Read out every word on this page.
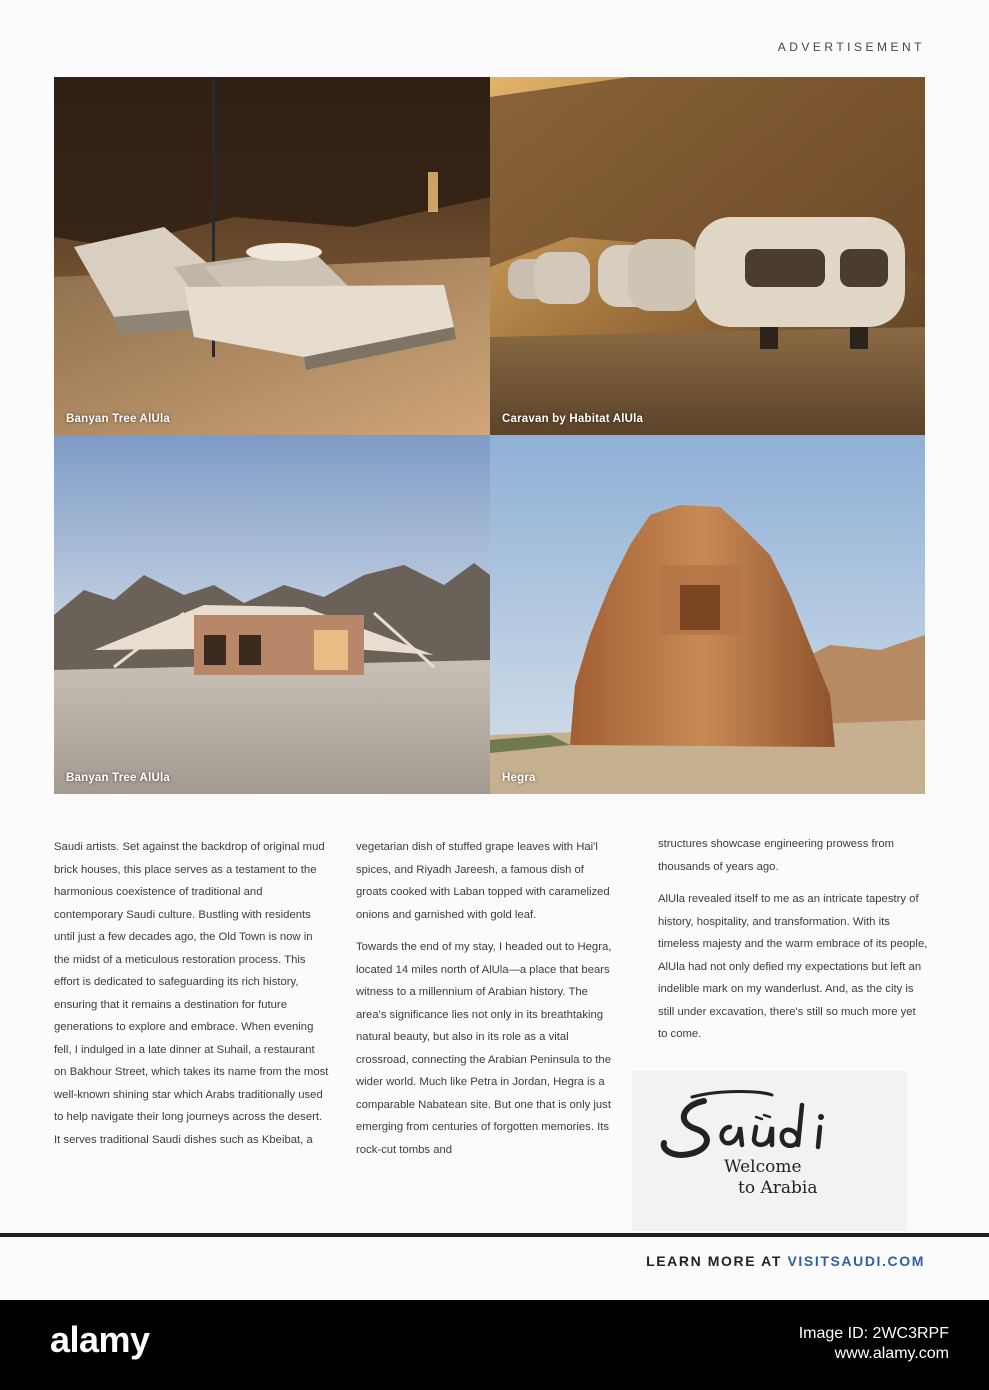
ADVERTISEMENT
Banyan Tree AlUla	Caravan by Habitat AlUla
Banyan Tree AlUla	Hegra

Saudi artists. Set against the backdrop of original mud brick houses, this place serves as a testament to the harmonious coexistence of traditional and contemporary Saudi culture. Bustling with residents until just a few decades ago, the Old Town is now in the midst of a meticulous restoration process. This effort is dedicated to safeguarding its rich history, ensuring that it remains a destination for future generations to explore and embrace. When evening fell, I indulged in a late dinner at Suhail, a restaurant on Bakhour Street, which takes its name from the most well-known shining star which Arabs traditionally used to help navigate their long journeys across the desert. It serves traditional Saudi dishes such as Kbeibat, a

vegetarian dish of stuffed grape leaves with Hai'l spices, and Riyadh Jareesh, a famous dish of groats cooked with Laban topped with caramelized onions and garnished with gold leaf.

Towards the end of my stay, I headed out to Hegra, located 14 miles north of AlUla—a place that bears witness to a millennium of Arabian history. The area's significance lies not only in its breathtaking natural beauty, but also in its role as a vital crossroad, connecting the Arabian Peninsula to the wider world. Much like Petra in Jordan, Hegra is a comparable Nabatean site. But one that is only just emerging from centuries of forgotten memories. Its rock-cut tombs and

structures showcase engineering prowess from thousands of years ago.

AlUla revealed itself to me as an intricate tapestry of history, hospitality, and transformation. With its timeless majesty and the warm embrace of its people, AlUla had not only defied my expectations but left an indelible mark on my wanderlust. And, as the city is still under excavation, there's still so much more yet to come.

Welcome
to Arabia
LEARN MORE AT VISITSAUDI.COM
alamy	Image ID: 2WC3RPF
www.alamy.com
